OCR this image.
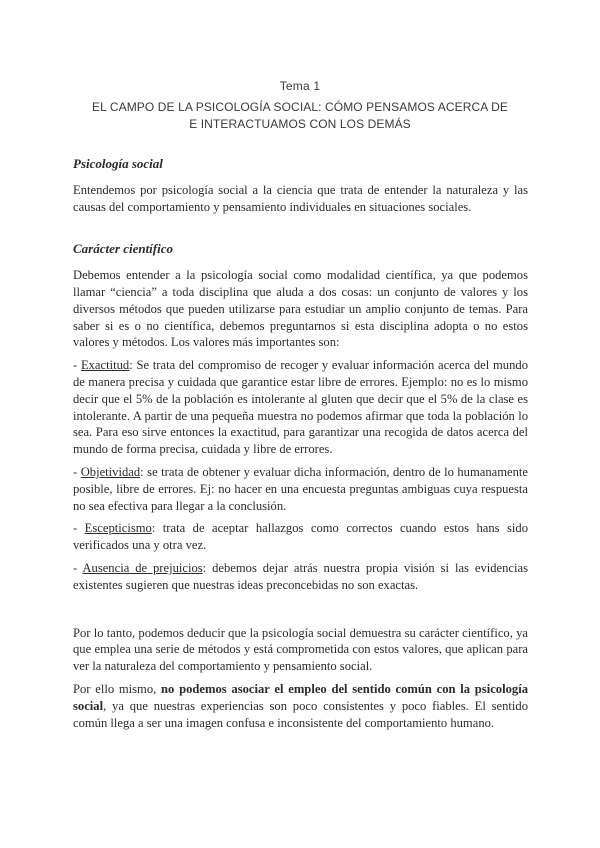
Tema 1
EL CAMPO DE LA PSICOLOGÍA SOCIAL: CÓMO PENSAMOS ACERCA DE
E INTERACTUAMOS CON LOS DEMÁS
Psicología social

Entendemos por psicología social a la ciencia que trata de entender la naturaleza y las causas del comportamiento y pensamiento individuales en situaciones sociales.

Carácter científico

Debemos entender a la psicología social como modalidad científica, ya que podemos llamar “ciencia” a toda disciplina que aluda a dos cosas: un conjunto de valores y los diversos métodos que pueden utilizarse para estudiar un amplio conjunto de temas. Para saber si es o no científica, debemos preguntarnos si esta disciplina adopta o no estos valores y métodos. Los valores más importantes son:

- Exactitud: Se trata del compromiso de recoger y evaluar información acerca del mundo de manera precisa y cuidada que garantice estar libre de errores. Ejemplo: no es lo mismo decir que el 5% de la población es intolerante al gluten que decir que el 5% de la clase es intolerante. A partir de una pequeña muestra no podemos afirmar que toda la población lo sea. Para eso sirve entonces la exactitud, para garantizar una recogida de datos acerca del mundo de forma precisa, cuidada y libre de errores.

- Objetividad: se trata de obtener y evaluar dicha información, dentro de lo humanamente posible, libre de errores. Ej: no hacer en una encuesta preguntas ambiguas cuya respuesta no sea efectiva para llegar a la conclusión.

- Escepticismo: trata de aceptar hallazgos como correctos cuando estos hans sido verificados una y otra vez.

- Ausencia de prejuicios: debemos dejar atrás nuestra propia visión si las evidencias existentes sugieren que nuestras ideas preconcebidas no son exactas.

Por lo tanto, podemos deducir que la psicología social demuestra su carácter científico, ya que emplea una serie de métodos y está comprometida con estos valores, que aplican para ver la naturaleza del comportamiento y pensamiento social.

Por ello mismo, no podemos asociar el empleo del sentido común con la psicología social, ya que nuestras experiencias son poco consistentes y poco fiables. El sentido común llega a ser una imagen confusa e inconsistente del comportamiento humano.
